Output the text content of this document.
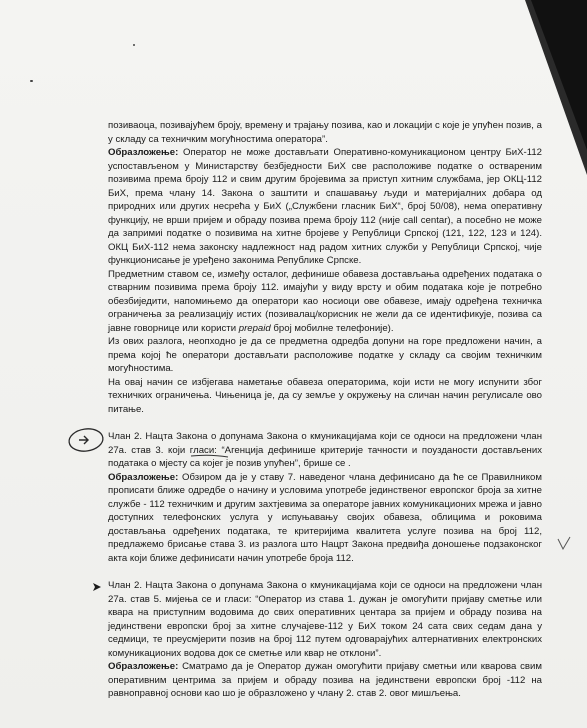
позиваоца, позивајућем броју, времену и трајању позива, као и локацији с које је упућен позив, а у складу са техничким могућностима оператора”.

Образложење: Оператор не може достављати Оперативно-комуникационом центру БиХ-112 успостављеном у Министарству безбједности БиХ све расположиве податке о оствареним позивима према броју 112 и свим другим бројевима за приступ хитним службама, јер ОКЦ-112 БиХ, према члану 14. Закона о заштити и спашавању људи и материјалних добара од природних или других несрећа у БиХ („Службени гласник БиХ“, број 50/08), нема оперативну функцију, не врши пријем и обраду позива према броју 112 (није call centar), а посебно не може да запримиi податке о позивима на хитне бројеве у Републици Српској (121, 122, 123 и 124). ОКЦ БиХ-112 нема законску надлежност над радом хитних служби у Републици Српској, чије функционисање је уређено законима Републике Српске.

Предметним ставом се, између осталог, дефинише обавеза достављања одређених података о стварним позивима према броју 112. имајући у виду врсту и обим података које је потребно обезбиједити, напомињемо да оператори као носиоци ове обавезе, имају одређена техничка ограничења за реализацију истих (позивалац/корисник не жели да се идентификује, позива са јавне говорнице или користи prepaid број мобилне телефоније).

Из ових разлога, неопходно је да се предметна одредба допуни на горе предложени начин, а према којој ће оператори достављати расположиве податке у складу са својим техничким могућностима.

На овај начин се избјегава наметање обавеза операторима, који исти не могу испунити због техничких ограничења. Чињеница је, да су земље у окружењу на сличан начин регулисале ово питање.

Члан 2. Нацта Закона о допунама Закона о кмуникацијама који се односи на предложени члан 27а. став 3. који гласи: “Агенција дефинише критерије тачности и поузданости достављених података о мјесту са којег је позив упућен”, брише се .

Образложење: Обзиром да је у ставу 7. наведеног члана дефинисано да ће се Правилником прописати ближе одредбе о начину и условима употребе јединственог европског броја за хитне службе - 112 техничким и другим захтјевима за операторе јавних комуникационих мрежа и јавно доступних телефонских услуга у испуњавању својих обавеза, облицима и роковима достављања одређених података, те критеријима квалитета услуге позива на број 112, предлажемо брисање става 3. из разлога што Нацрт Закона предвиђа доношење подзаконског акта који ближе дефинисати начин употребе броја 112.

Члан 2. Нацта Закона о допунама Закона о кмуникацијама који се односи на предложени члан 27а. став 5. мијења се и гласи: “Оператор из става 1. дужан је омогућити пријаву сметње или квара на приступним водовима до свих оперативних центара за пријем и обраду позива на јединствени европски број за хитне случајеве-112 у БиХ током 24 сата свих седам дана у седмици, те преусмјерити позив на број 112 путем одговарајућих алтернативних електронских комуникационих водова док се сметње или квар не отклони”.

Образложење: Сматрамо да је Оператор дужан омогућити пријаву сметњи или кварова свим оперативним центрима за пријем и обраду позива на јединствени европски број -112 на равноправној основи као шо је образложено у члану 2. став 2. овог мишљења.
